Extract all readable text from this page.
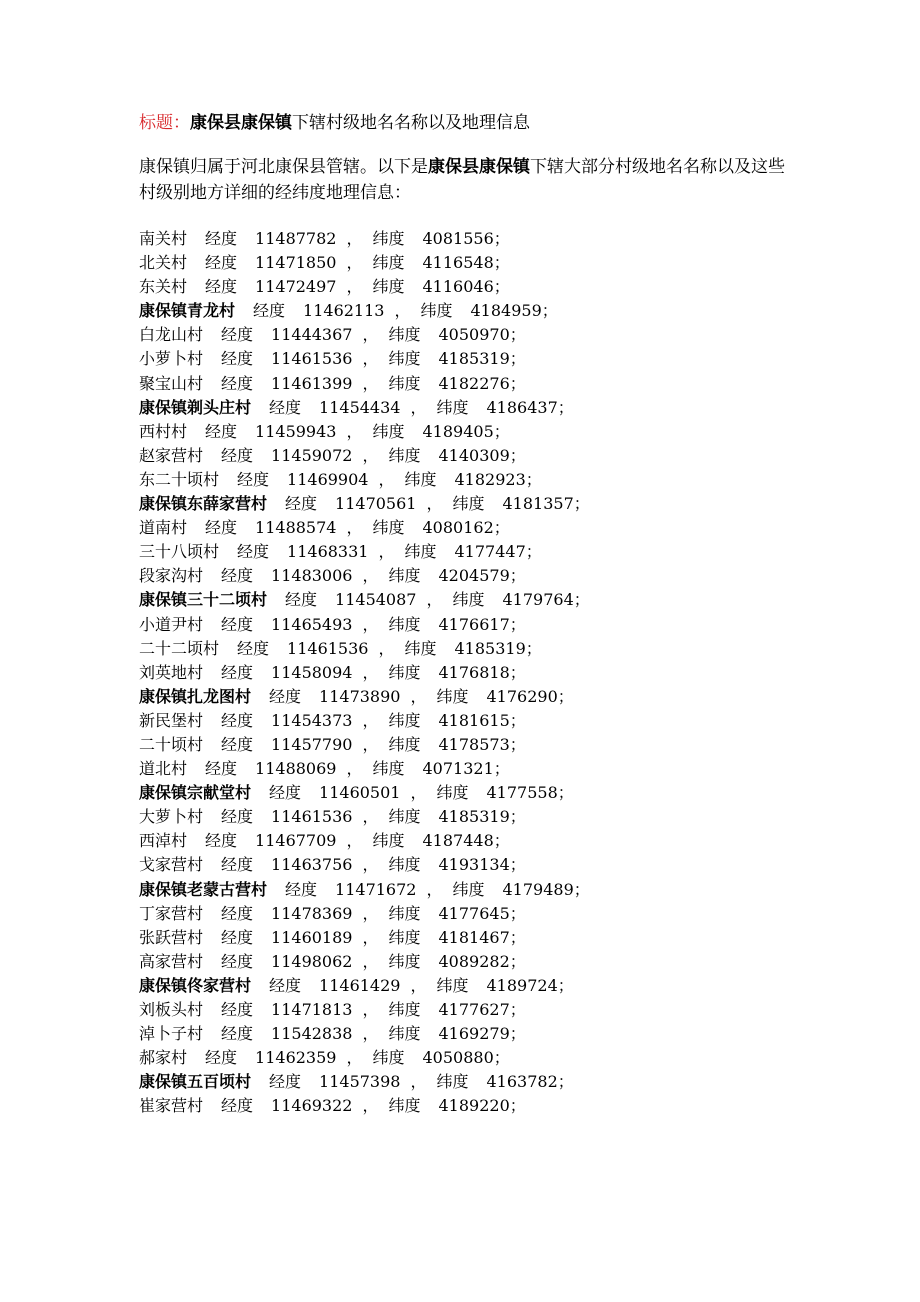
标题：康保县康保镇下辖村级地名名称以及地理信息
康保镇归属于河北康保县管辖。以下是康保县康保镇下辖大部分村级地名名称以及这些村级别地方详细的经纬度地理信息：
南关村 经度 11487782 ， 纬度 4081556；
北关村 经度 11471850 ， 纬度 4116548；
东关村 经度 11472497 ， 纬度 4116046；
康保镇青龙村 经度 11462113 ， 纬度 4184959；
白龙山村 经度 11444367 ， 纬度 4050970；
小萝卜村 经度 11461536 ， 纬度 4185319；
聚宝山村 经度 11461399 ， 纬度 4182276；
康保镇剃头庄村 经度 11454434 ， 纬度 4186437；
西村村 经度 11459943 ， 纬度 4189405；
赵家营村 经度 11459072 ， 纬度 4140309；
东二十顷村 经度 11469904 ， 纬度 4182923；
康保镇东薛家营村 经度 11470561 ， 纬度 4181357；
道南村 经度 11488574 ， 纬度 4080162；
三十八顷村 经度 11468331 ， 纬度 4177447；
段家沟村 经度 11483006 ， 纬度 4204579；
康保镇三十二顷村 经度 11454087 ， 纬度 4179764；
小道尹村 经度 11465493 ， 纬度 4176617；
二十二顷村 经度 11461536 ， 纬度 4185319；
刘英地村 经度 11458094 ， 纬度 4176818；
康保镇扎龙图村 经度 11473890 ， 纬度 4176290；
新民堡村 经度 11454373 ， 纬度 4181615；
二十顷村 经度 11457790 ， 纬度 4178573；
道北村 经度 11488069 ， 纬度 4071321；
康保镇宗献堂村 经度 11460501 ， 纬度 4177558；
大萝卜村 经度 11461536 ， 纬度 4185319；
西淖村 经度 11467709 ， 纬度 4187448；
戈家营村 经度 11463756 ， 纬度 4193134；
康保镇老蒙古营村 经度 11471672 ， 纬度 4179489；
丁家营村 经度 11478369 ， 纬度 4177645；
张跃营村 经度 11460189 ， 纬度 4181467；
高家营村 经度 11498062 ， 纬度 4089282；
康保镇佟家营村 经度 11461429 ， 纬度 4189724；
刘板头村 经度 11471813 ， 纬度 4177627；
淖卜子村 经度 11542838 ， 纬度 4169279；
郝家村 经度 11462359 ， 纬度 4050880；
康保镇五百顷村 经度 11457398 ， 纬度 4163782；
崔家营村 经度 11469322 ， 纬度 4189220；
